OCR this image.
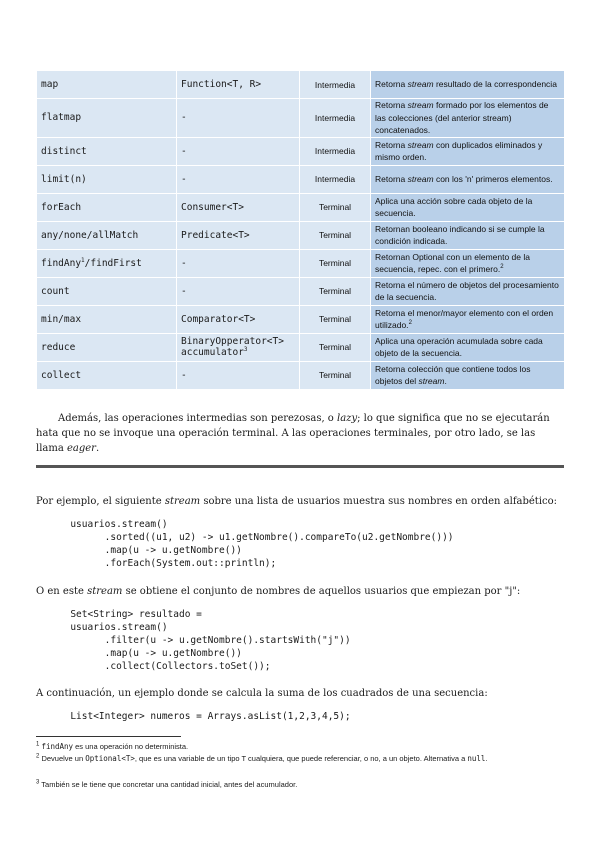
map	Function<T, R>	Intermedia	Retorna stream resultado de la correspondencia
flatmap	-	Intermedia	Retorna stream formado por los elementos de las colecciones (del anterior stream) concatenados.
distinct	-	Intermedia	Retorna stream con duplicados eliminados y mismo orden.
limit(n)	-	Intermedia	Retorna stream con los 'n' primeros elementos.
forEach	Consumer<T>	Terminal	Aplica una acción sobre cada objeto de la secuencia.
any/none/allMatch	Predicate<T>	Terminal	Retornan booleano indicando si se cumple la condición indicada.
findAny$^1$/findFirst	-	Terminal	Retornan Optional con un elemento de la secuencia, repec. con el primero.$^2$
count	-	Terminal	Retorna el número de objetos del procesamiento de la secuencia.
min/max	Comparator<T>	Terminal	Retorna el menor/mayor elemento con el orden utilizado.$^2$
reduce	BinaryOpperator<T> accumulator$^3$	Terminal	Aplica una operación acumulada sobre cada objeto de la secuencia.
collect	-	Terminal	Retorna colección que contiene todos los objetos del stream.
Además, las operaciones intermedias son perezosas, o lazy; lo que significa que no se ejecutarán hata que no se invoque una operación terminal. A las operaciones terminales, por otro lado, se las llama eager.
Por ejemplo, el siguiente stream sobre una lista de usuarios muestra sus nombres en orden alfabético:
usuarios.stream()
.sorted((u1, u2) -> u1.getNombre().compareTo(u2.getNombre()))
.map(u -> u.getNombre())
.forEach(System.out::println);
O en este stream se obtiene el conjunto de nombres de aquellos usuarios que empiezan por "j":
Set<String> resultado =
usuarios.stream()
.filter(u -> u.getNombre().startsWith("j"))
.map(u -> u.getNombre())
.collect(Collectors.toSet());
A continuación, un ejemplo donde se calcula la suma de los cuadrados de una secuencia:
List<Integer> numeros = Arrays.asList(1,2,3,4,5);
$^1$ findAny es una operación no determinista.
$^2$ Devuelve un Optional<T>, que es una variable de un tipo T cualquiera, que puede referenciar, o no, a un objeto. Alternativa a null.
$^3$ También se le tiene que concretar una cantidad inicial, antes del acumulador.
